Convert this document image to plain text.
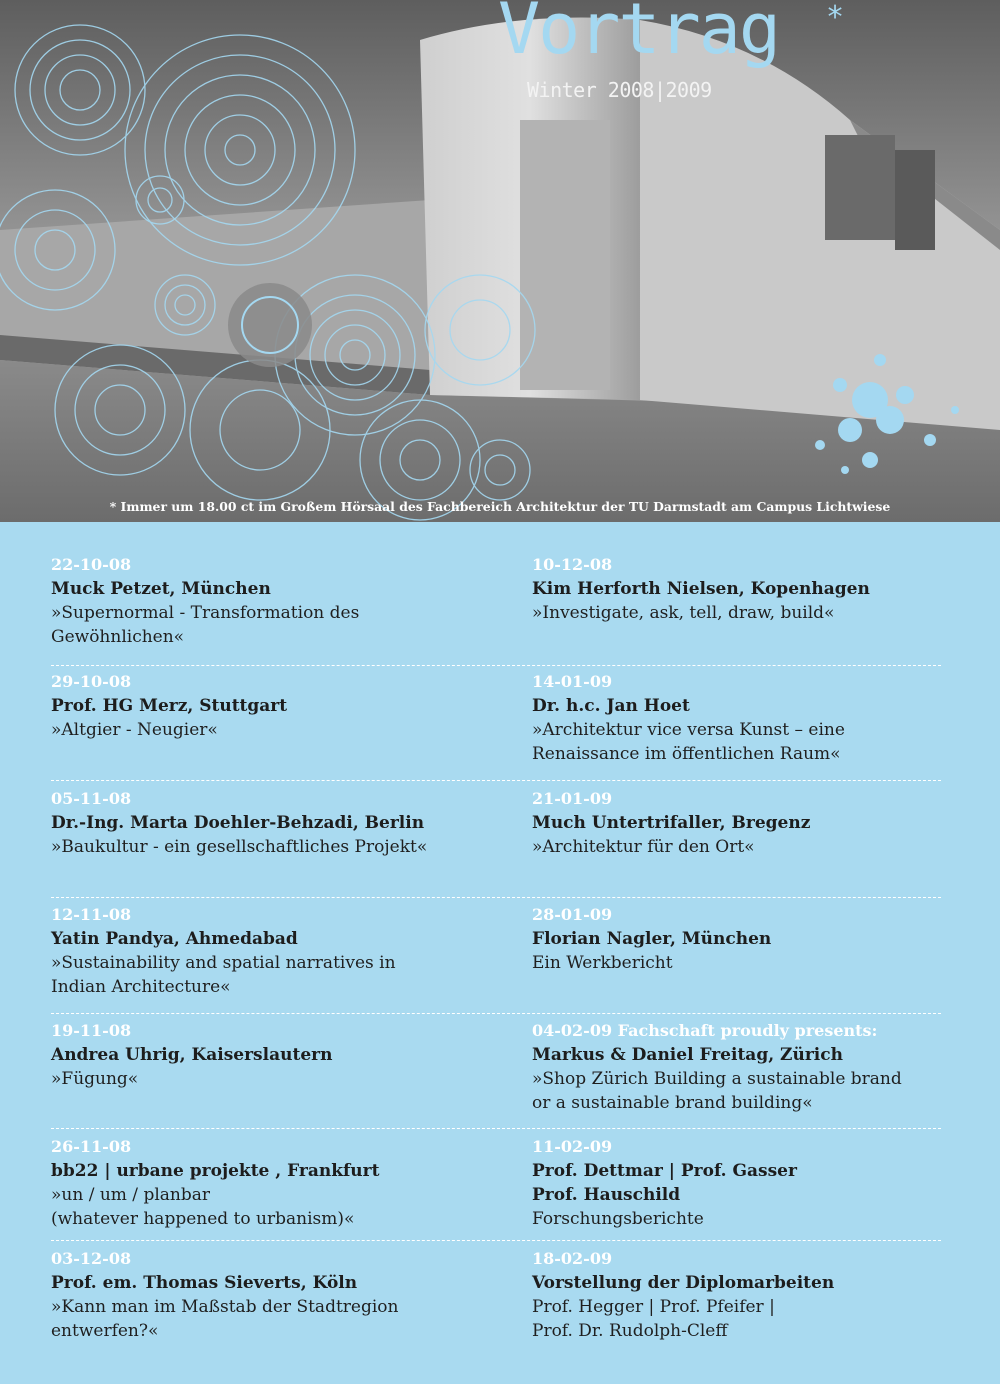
Vortrag *
Winter 2008|2009
* Immer um 18.00 ct im Großem Hörsaal des Fachbereich Architektur der TU Darmstadt am Campus Lichtwiese
22-10-08
Muck Petzet, München
»Supernormal - Transformation des
Gewöhnlichen«
29-10-08
Prof. HG Merz, Stuttgart
»Altgier - Neugier«
05-11-08
Dr.-Ing. Marta Doehler-Behzadi, Berlin
»Baukultur - ein gesellschaftliches Projekt«
12-11-08
Yatin Pandya, Ahmedabad
»Sustainability and spatial narratives in
Indian Architecture«
19-11-08
Andrea Uhrig, Kaiserslautern
»Fügung«
26-11-08
bb22 | urbane projekte , Frankfurt
»un / um / planbar
(whatever happened to urbanism)«
03-12-08
Prof. em. Thomas Sieverts, Köln
»Kann man im Maßstab der Stadtregion
entwerfen?«
10-12-08
Kim Herforth Nielsen, Kopenhagen
»Investigate, ask, tell, draw, build«
14-01-09
Dr. h.c. Jan Hoet
»Architektur vice versa Kunst – eine
Renaissance im öffentlichen Raum«
21-01-09
Much Untertrifaller, Bregenz
»Architektur für den Ort«
28-01-09
Florian Nagler, München
Ein Werkbericht
04-02-09 Fachschaft proudly presents:
Markus & Daniel Freitag, Zürich
»Shop Zürich Building a sustainable brand
or a sustainable brand building«
11-02-09
Prof. Dettmar | Prof. Gasser
Prof. Hauschild
Forschungsberichte
18-02-09
Vorstellung der Diplomarbeiten
Prof. Hegger | Prof. Pfeifer |
Prof. Dr. Rudolph-Cleff
